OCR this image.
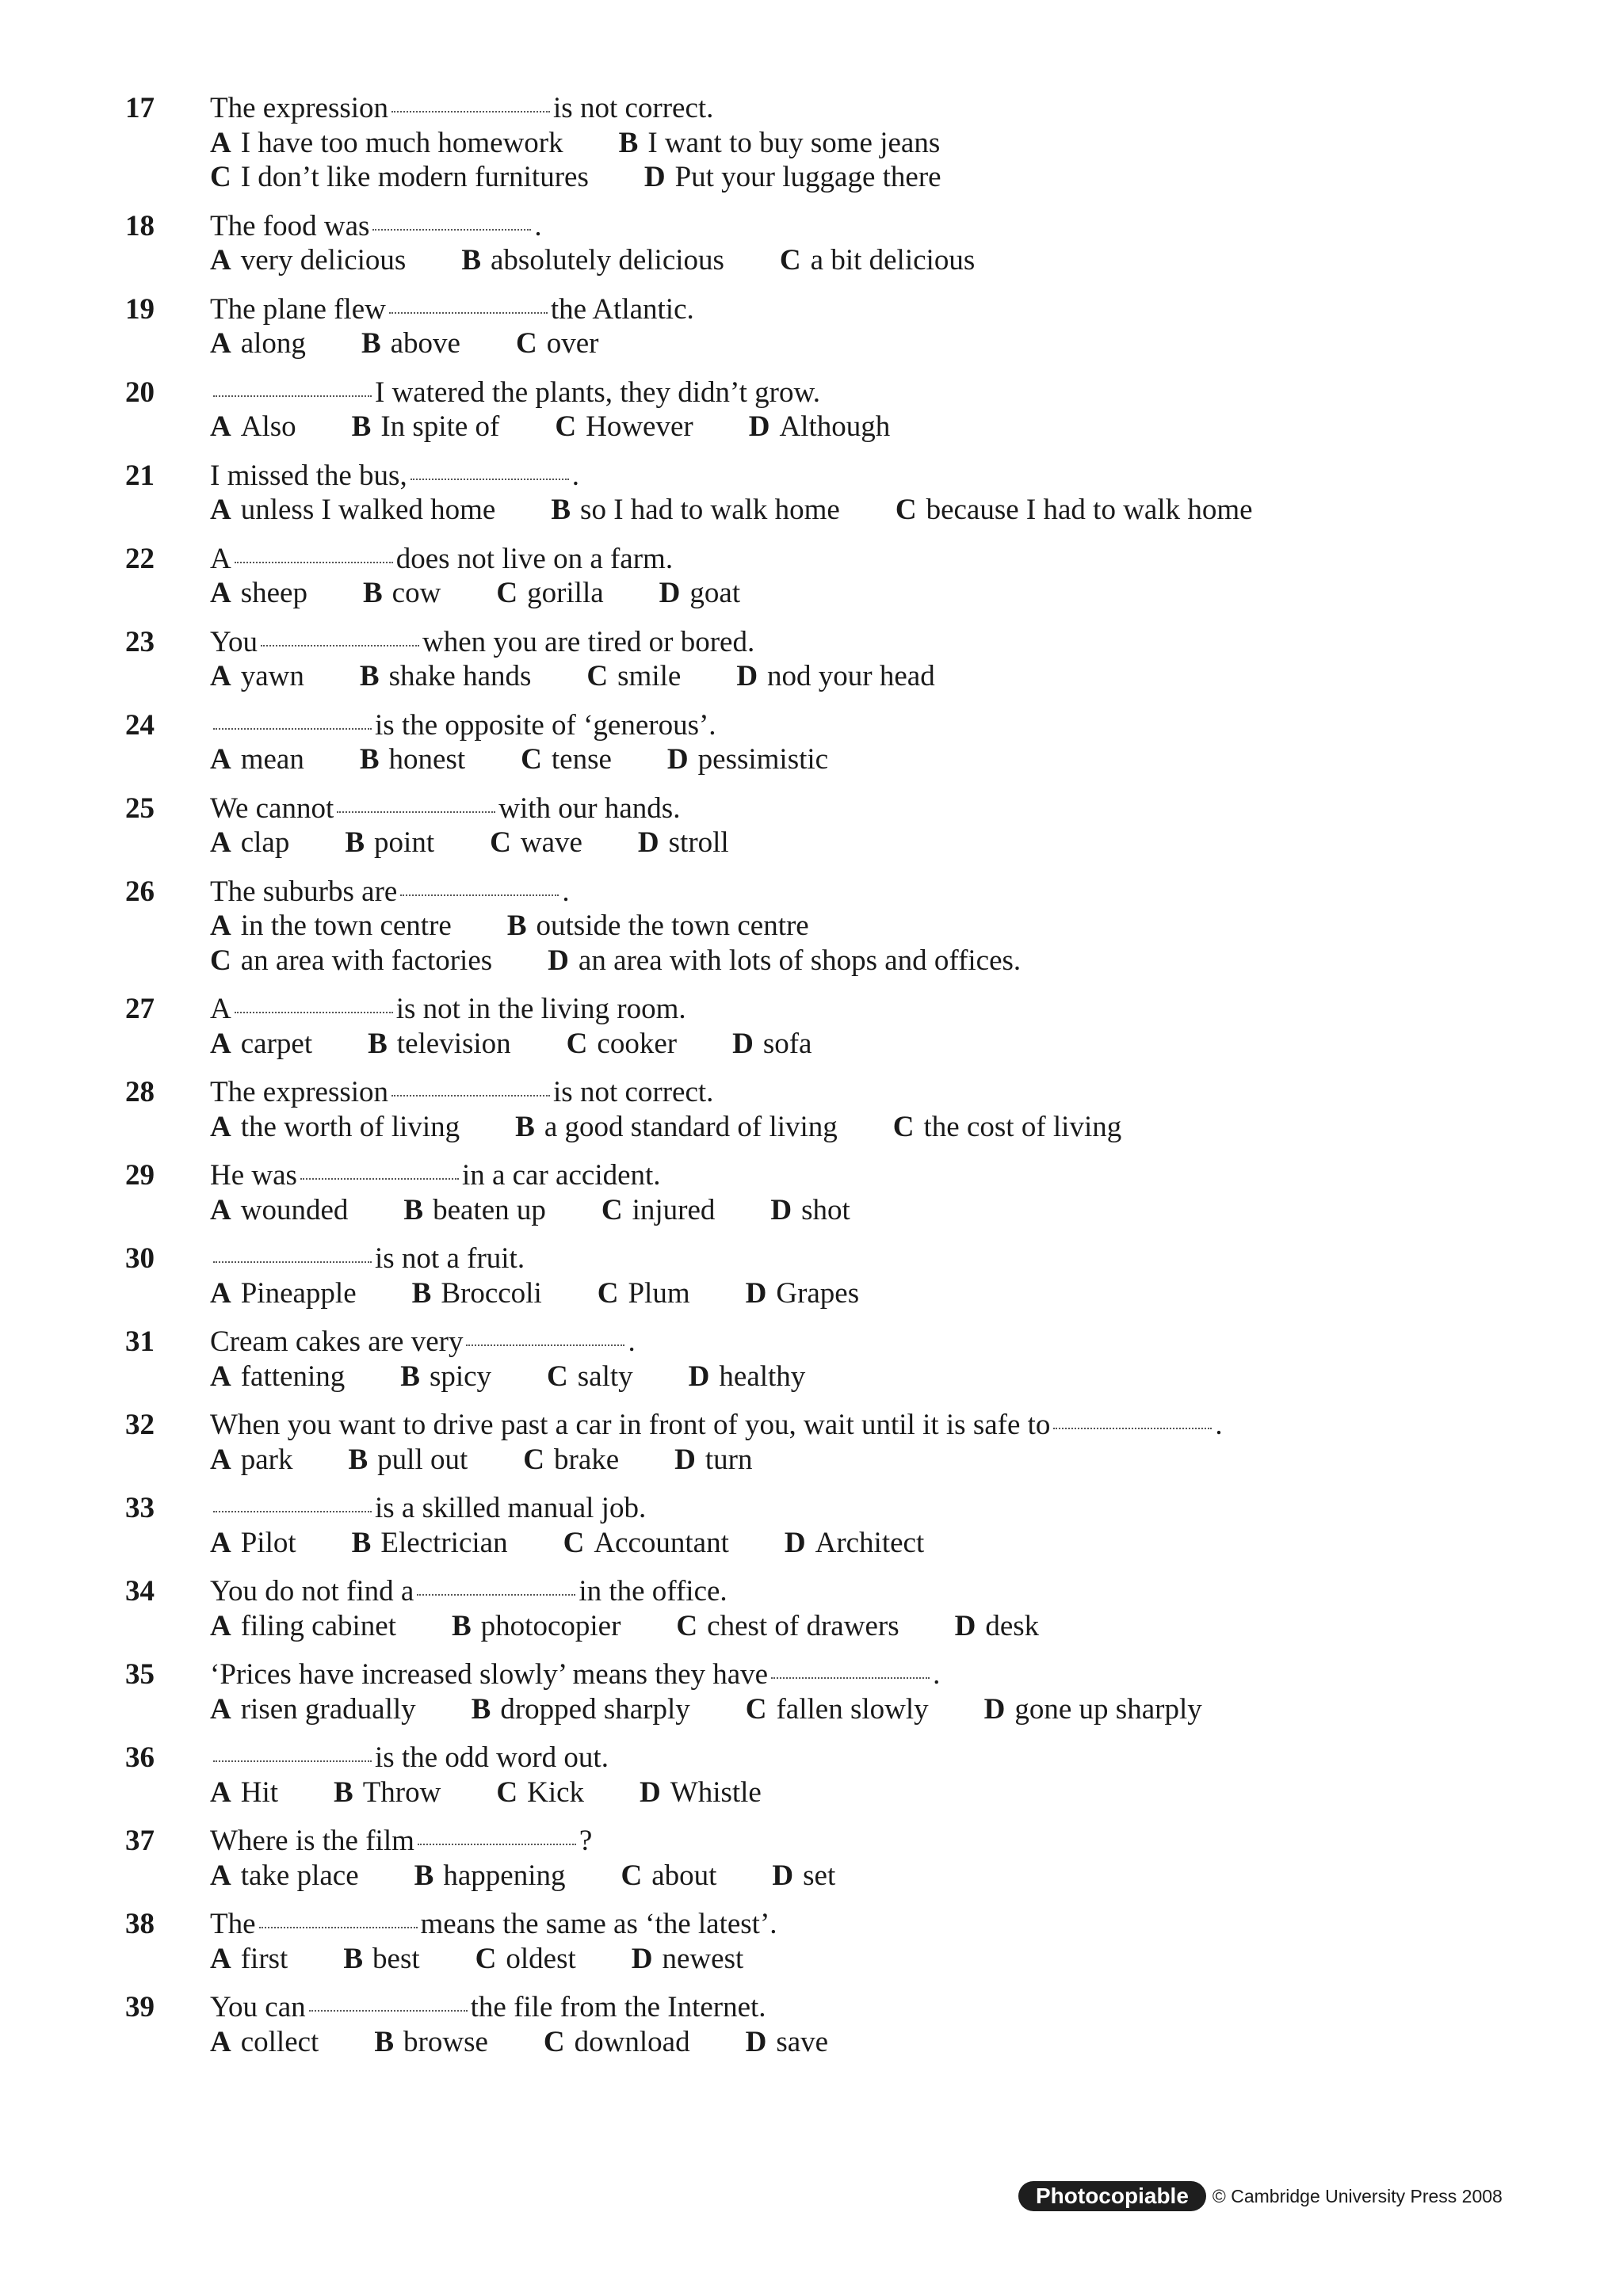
17	The expression	is not correct.
A I have too much homework B I want to buy some jeans
C I don’t like modern furnitures D Put your luggage there
18	The food was	.
A very delicious B absolutely delicious C a bit delicious
19	The plane flew	the Atlantic.
A along B above C over
20	I watered the plants, they didn’t grow.
A Also B In spite of C However D Although
21	I missed the bus,	.
A unless I walked home B so I had to walk home C because I had to walk home
22	A	does not live on a farm.
A sheep B cow C gorilla D goat
23	You	when you are tired or bored.
A yawn B shake hands C smile D nod your head
24	is the opposite of ‘generous’.
A mean B honest C tense D pessimistic
25	We cannot	with our hands.
A clap B point C wave D stroll
26	The suburbs are	.
A in the town centre B outside the town centre
C an area with factories D an area with lots of shops and offices.
27	A	is not in the living room.
A carpet B television C cooker D sofa
28	The expression	is not correct.
A the worth of living B a good standard of living C the cost of living
29	He was	in a car accident.
A wounded B beaten up C injured D shot
30	is not a fruit.
A Pineapple B Broccoli C Plum D Grapes
31	Cream cakes are very	.
A fattening B spicy C salty D healthy
32	When you want to drive past a car in front of you, wait until it is safe to	.
A park B pull out C brake D turn
33	is a skilled manual job.
A Pilot B Electrician C Accountant D Architect
34	You do not find a	in the office.
A filing cabinet B photocopier C chest of drawers D desk
35	‘Prices have increased slowly’ means they have	.
A risen gradually B dropped sharply C fallen slowly D gone up sharply
36	is the odd word out.
A Hit B Throw C Kick D Whistle
37	Where is the film	?
A take place B happening C about D set
38	The	means the same as ‘the latest’.
A first B best C oldest D newest
39	You can	the file from the Internet.
A collect B browse C download D save
Photocopiable	© Cambridge University Press 2008
